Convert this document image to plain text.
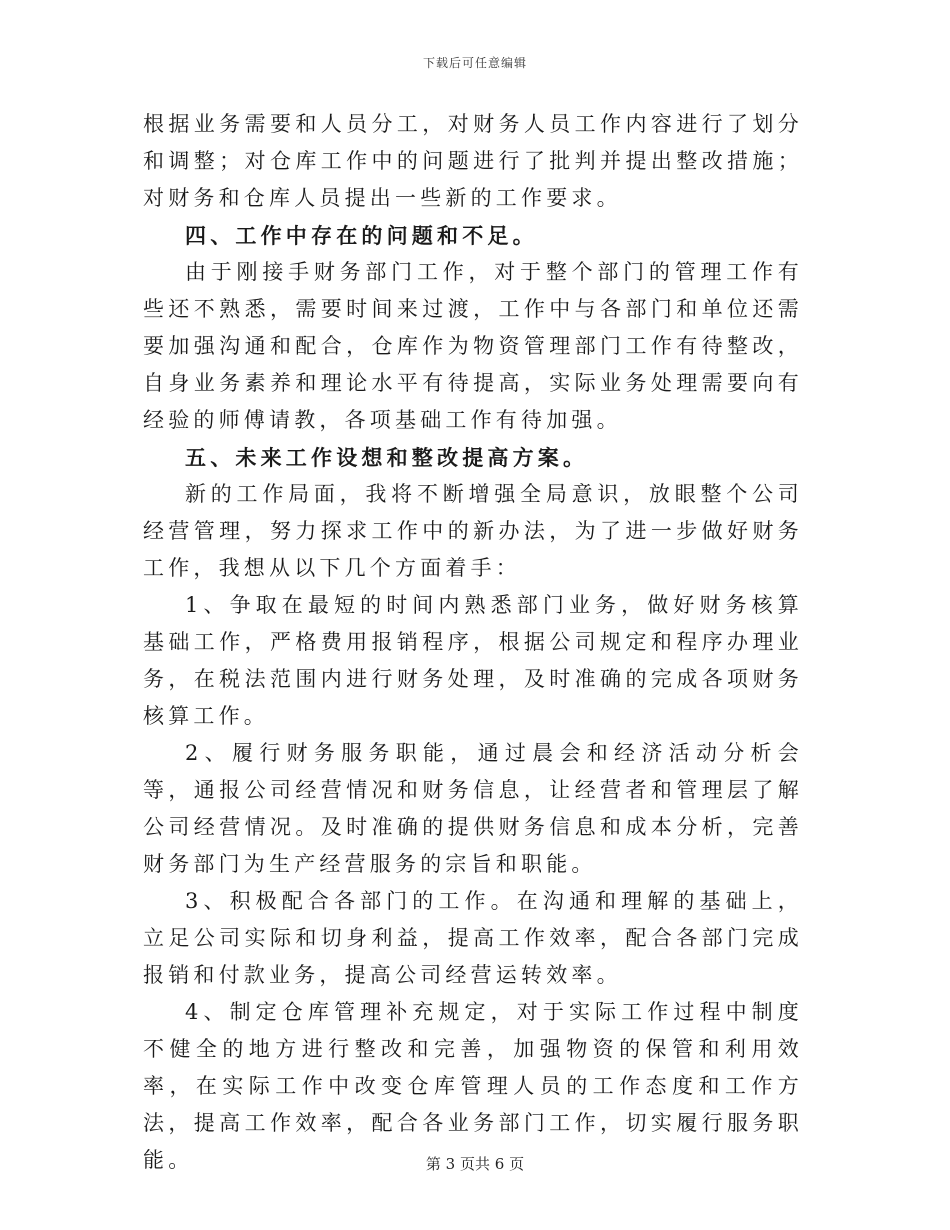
下载后可任意编辑

根据业务需要和人员分工，对财务人员工作内容进行了划分和调整；对仓库工作中的问题进行了批判并提出整改措施；对财务和仓库人员提出一些新的工作要求。

四、工作中存在的问题和不足。

由于刚接手财务部门工作，对于整个部门的管理工作有些还不熟悉，需要时间来过渡，工作中与各部门和单位还需要加强沟通和配合，仓库作为物资管理部门工作有待整改，自身业务素养和理论水平有待提高，实际业务处理需要向有经验的师傅请教，各项基础工作有待加强。

五、未来工作设想和整改提高方案。

新的工作局面，我将不断增强全局意识，放眼整个公司经营管理，努力探求工作中的新办法，为了进一步做好财务工作，我想从以下几个方面着手：

1、争取在最短的时间内熟悉部门业务，做好财务核算基础工作，严格费用报销程序，根据公司规定和程序办理业务，在税法范围内进行财务处理，及时准确的完成各项财务核算工作。

2、履行财务服务职能，通过晨会和经济活动分析会等，通报公司经营情况和财务信息，让经营者和管理层了解公司经营情况。及时准确的提供财务信息和成本分析，完善财务部门为生产经营服务的宗旨和职能。

3、积极配合各部门的工作。在沟通和理解的基础上，立足公司实际和切身利益，提高工作效率，配合各部门完成报销和付款业务，提高公司经营运转效率。

4、制定仓库管理补充规定，对于实际工作过程中制度不健全的地方进行整改和完善，加强物资的保管和利用效率，在实际工作中改变仓库管理人员的工作态度和工作方法，提高工作效率，配合各业务部门工作，切实履行服务职能。	第 3 页共 6 页
